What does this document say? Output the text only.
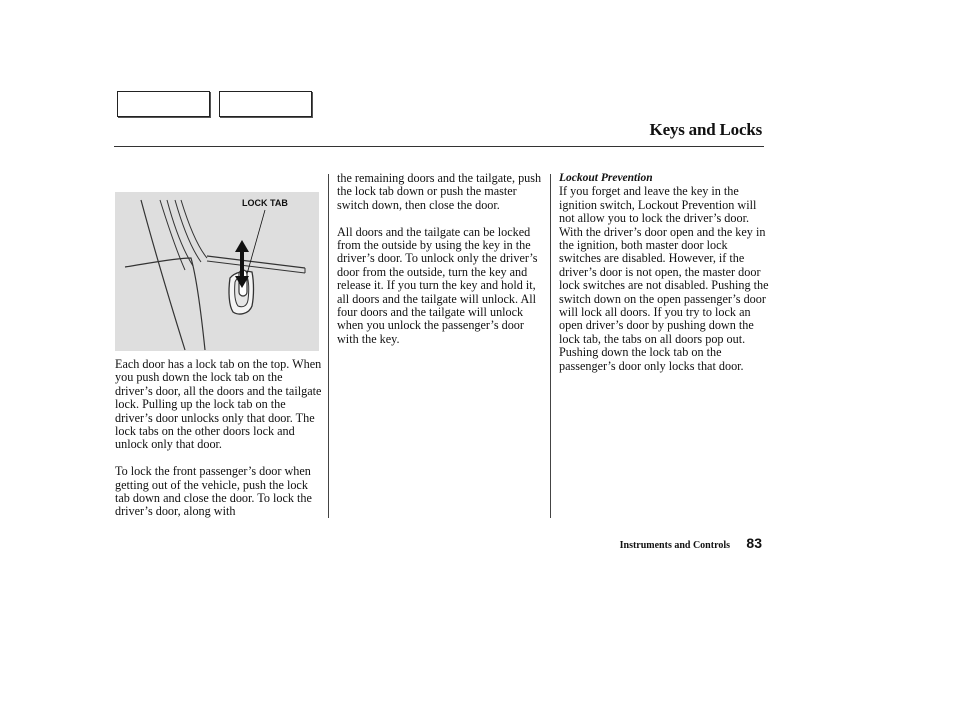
Keys and Locks
LOCK TAB

Each door has a lock tab on the top. When you push down the lock tab on the driver’s door, all the doors and the tailgate lock. Pulling up the lock tab on the driver’s door unlocks only that door. The lock tabs on the other doors lock and unlock only that door.

To lock the front passenger’s door when getting out of the vehicle, push the lock tab down and close the door. To lock the driver’s door, along with

the remaining doors and the tailgate, push the lock tab down or push the master switch down, then close the door.

All doors and the tailgate can be locked from the outside by using the key in the driver’s door. To unlock only the driver’s door from the outside, turn the key and release it. If you turn the key and hold it, all doors and the tailgate will unlock. All four doors and the tailgate will unlock when you unlock the passenger’s door with the key.

Lockout Prevention

If you forget and leave the key in the ignition switch, Lockout Prevention will not allow you to lock the driver’s door. With the driver’s door open and the key in the ignition, both master door lock switches are disabled. However, if the driver’s door is not open, the master door lock switches are not disabled. Pushing the switch down on the open passenger’s door will lock all doors. If you try to lock an open driver’s door by pushing down the lock tab, the tabs on all doors pop out. Pushing down the lock tab on the passenger’s door only locks that door.

Instruments and Controls 83
